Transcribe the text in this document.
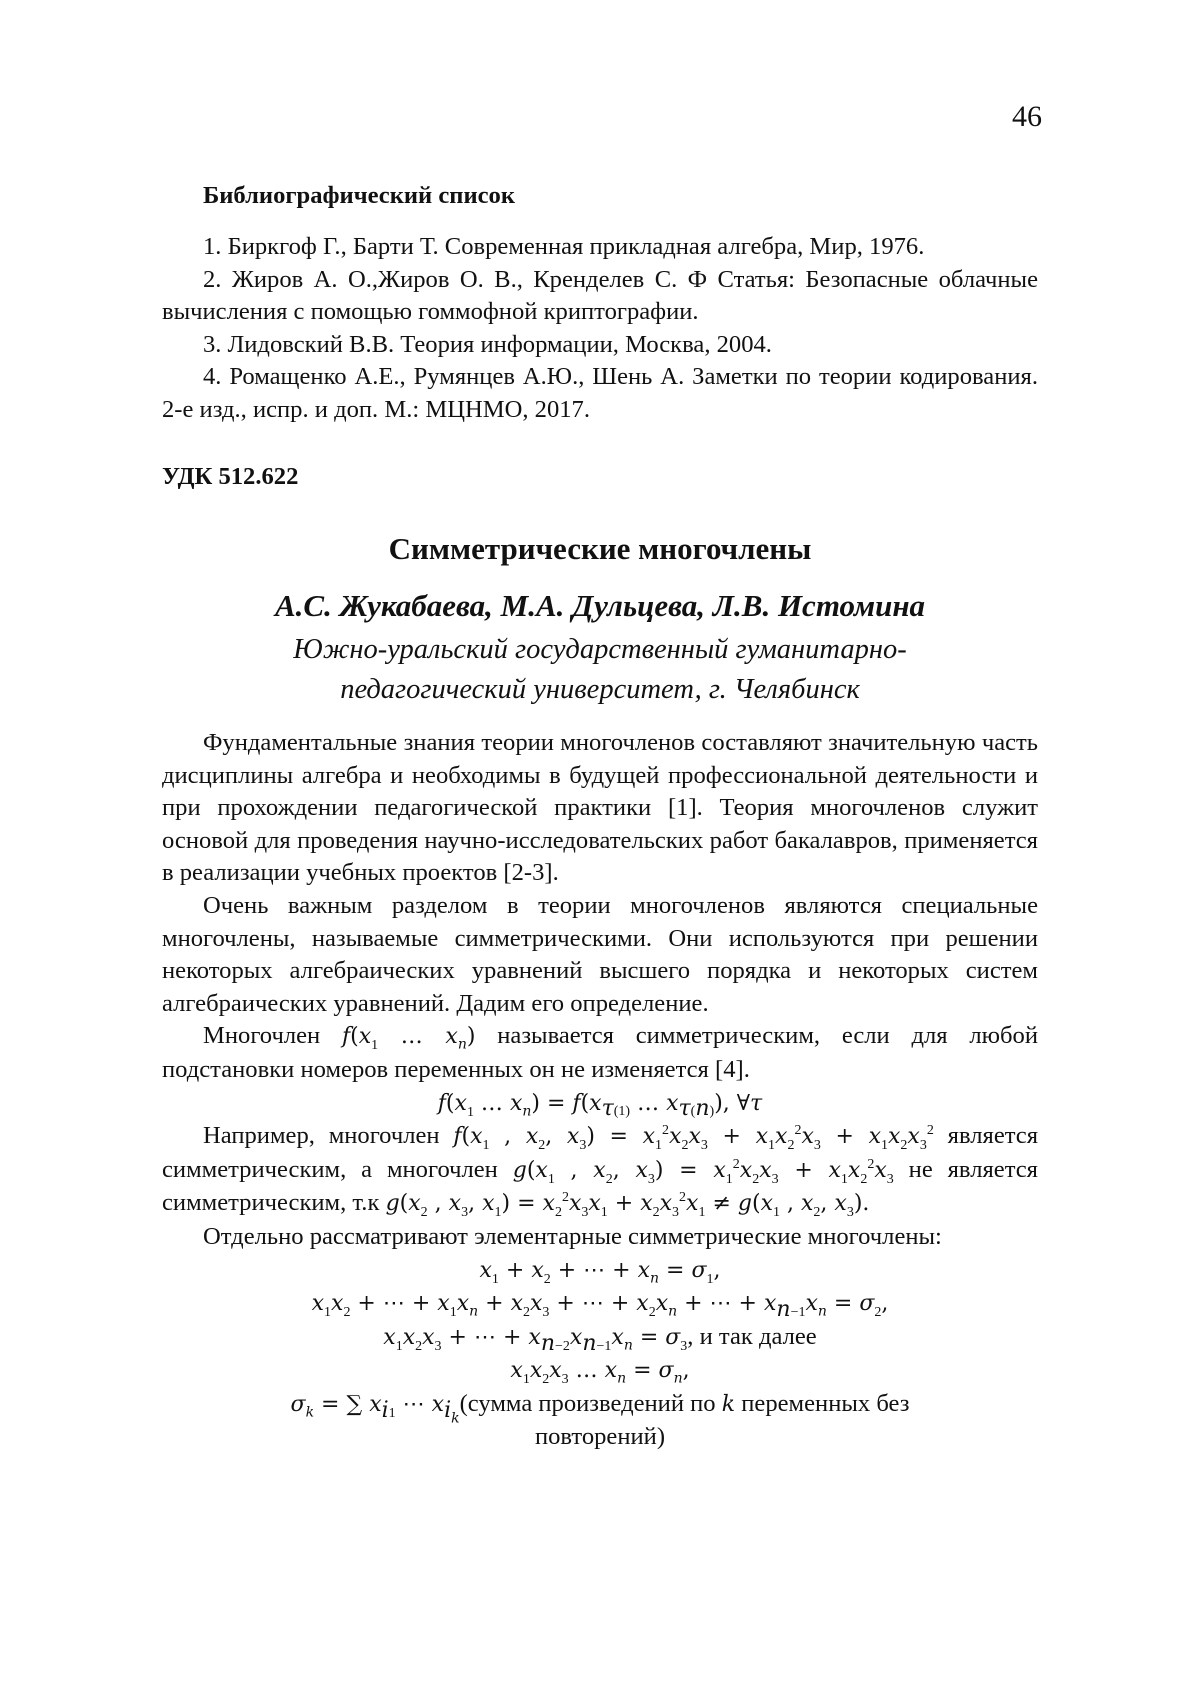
46
Библиографический список

1. Биркгоф Г., Барти Т. Современная прикладная алгебра, Мир, 1976.

2. Жиров А. О.,Жиров О. В., Кренделев С. Ф Статья: Безопасные облачные вычисления с помощью гоммофной криптографии.

3. Лидовский В.В. Теория информации, Москва, 2004.

4. Ромащенко А.Е., Румянцев А.Ю., Шень А. Заметки по теории кодирования. 2-е изд., испр. и доп. М.: МЦНМО, 2017.

УДК 512.622
Симметрические многочлены
А.С. Жукабаева, М.А. Дульцева, Л.В. Истомина
Южно-уральский государственный гуманитарно-
педагогический университет, г. Челябинск

Фундаментальные знания теории многочленов составляют значительную часть дисциплины алгебра и необходимы в будущей профессиональной деятельности и при прохождении педагогической практики [1]. Теория многочленов служит основой для проведения научно-исследовательских работ бакалавров, применяется в реализации учебных проектов [2-3].

Очень важным разделом в теории многочленов являются специальные многочлены, называемые симметрическими. Они используются при решении некоторых алгебраических уравнений высшего порядка и некоторых систем алгебраических уравнений. Дадим его определение.

Многочлен f(x1 … xn) называется симметрическим, если для любой подстановки номеров переменных он не изменяется [4].

f(x1 … xn) = f(xτ(1) … xτ(n)), ∀τ

Например, многочлен f(x1 , x2, x3) = x12x2x3 + x1x22x3 + x1x2x32 является симметрическим, а многочлен g(x1 , x2, x3) = x12x2x3 + x1x22x3 не является симметрическим, т.к g(x2 , x3, x1) = x22x3x1 + x2x32x1 ≠ g(x1 , x2, x3).

Отдельно рассматривают элементарные симметрические многочлены:

x1 + x2 + ⋯ + xn = σ1,

x1x2 + ⋯ + x1xn + x2x3 + ⋯ + x2xn + ⋯ + xn−1xn = σ2,

x1x2x3 + ⋯ + xn−2xn−1xn = σ3, и так далее

x1x2x3 … xn = σn,

σk = ∑ xi1 ⋯ xik(сумма произведений по k переменных без

повторений)
